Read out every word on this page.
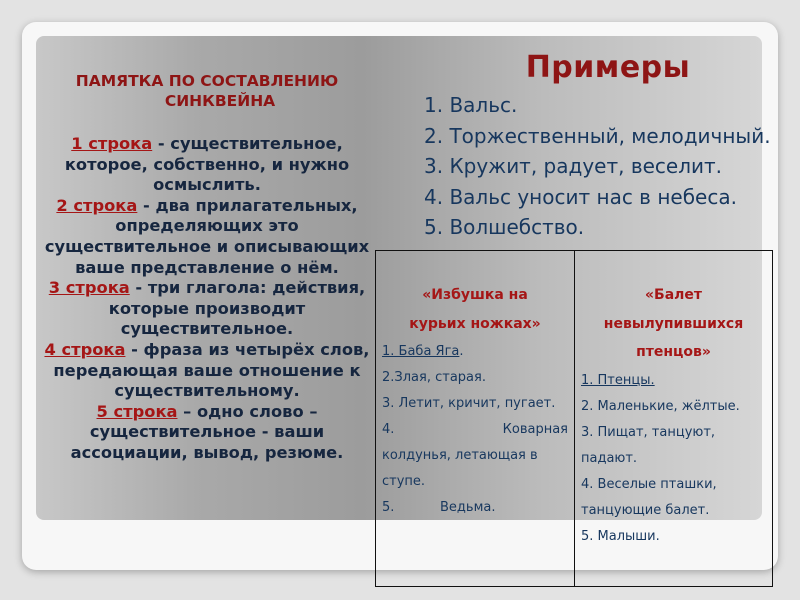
ПАМЯТКА ПО СОСТАВЛЕНИЮ
СИНКВЕЙНА

1 строка - существительное, которое, собственно, и нужно осмыслить.

2 строка - два прилагательных, определяющих это существительное и описывающих ваше представление о нём.

3 строка - три глагола: действия, которые производит существительное.

4 строка - фраза из четырёх слов, передающая ваше отношение к существительному.

5 строка – одно слово – существительное - ваши ассоциации, вывод, резюме.

Примеры
1. Вальс.
2. Торжественный, мелодичный.
3. Кружит, радует, веселит.
4. Вальс уносит нас в небеса.
5. Волшебство.
«Избушка на
курьих ножках»

1. Баба Яга.

2.Злая, старая.

3. Летит, кричит, пугает.

4.	Коварная

колдунья, летающая в ступе.

5.	Ведьма.

«Балет
невылупившихся
птенцов»

1. Птенцы.

2. Маленькие, жёлтые.

3. Пищат, танцуют, падают.

4. Веселые пташки, танцующие балет.

5. Малыши.
